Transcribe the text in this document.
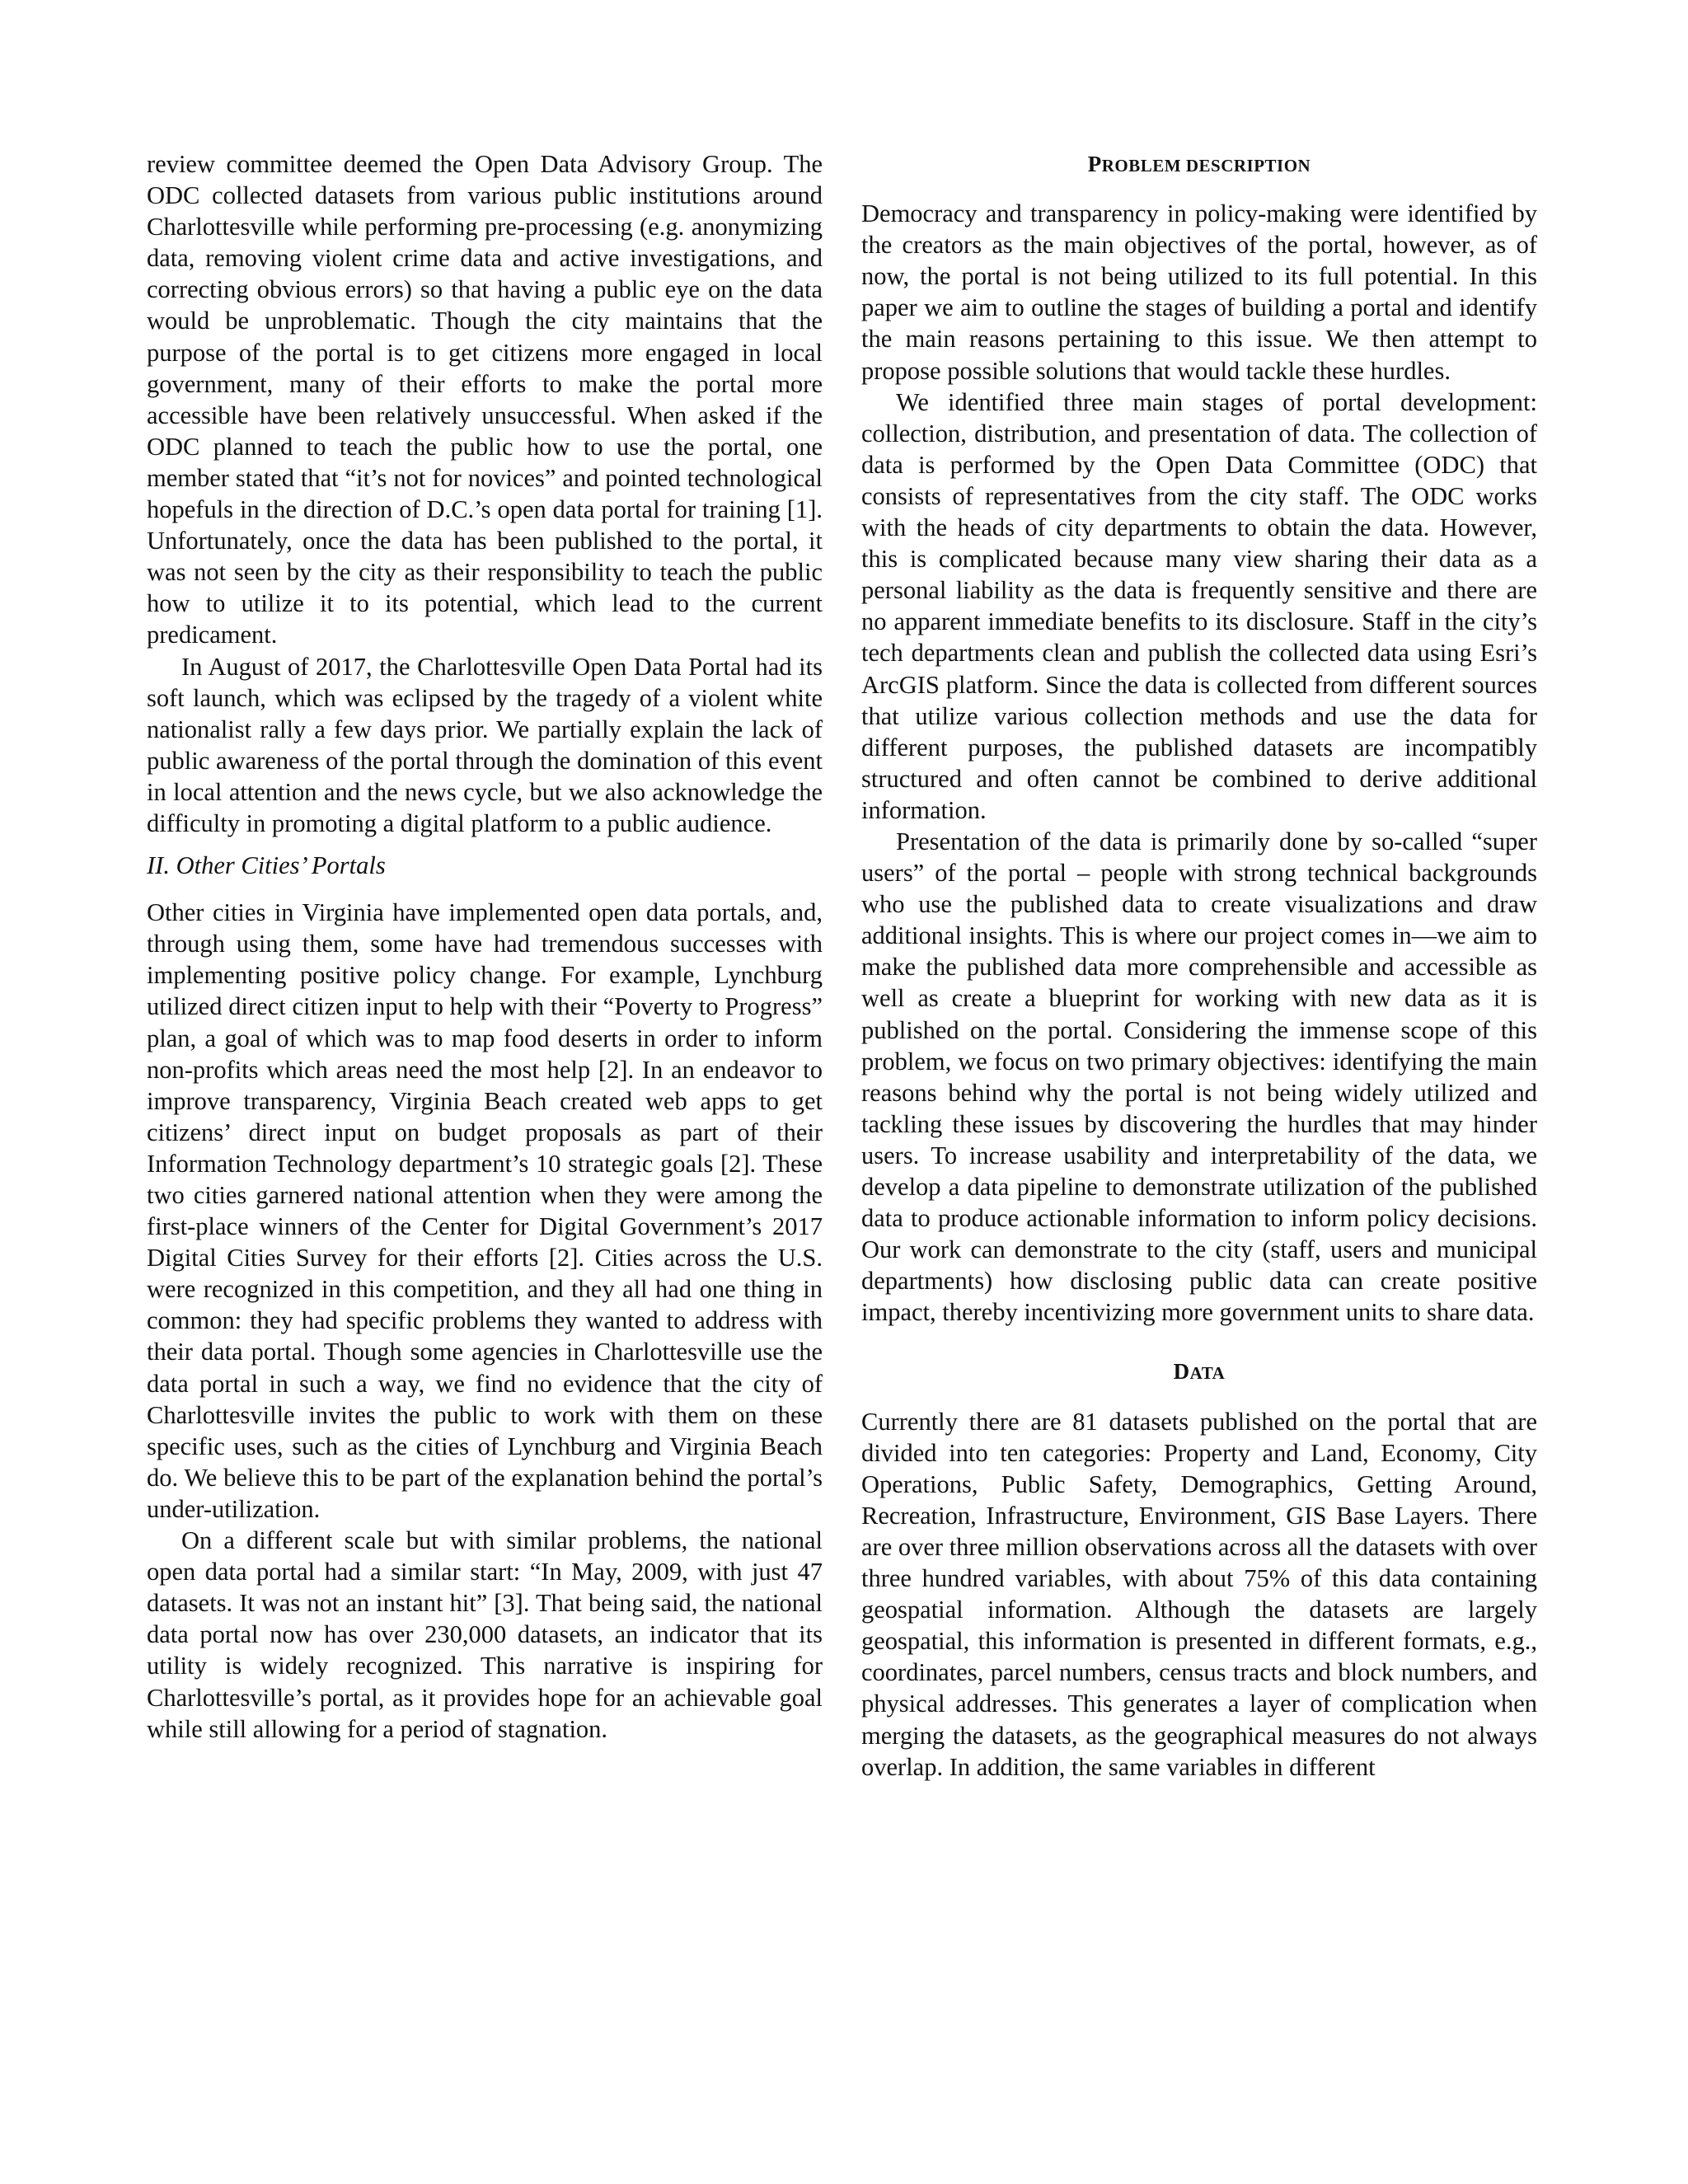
review committee deemed the Open Data Advisory Group. The ODC collected datasets from various public institutions around Charlottesville while performing pre-processing (e.g. anonymizing data, removing violent crime data and active investigations, and correcting obvious errors) so that having a public eye on the data would be unproblematic. Though the city maintains that the purpose of the portal is to get citizens more engaged in local government, many of their efforts to make the portal more accessible have been relatively unsuccessful. When asked if the ODC planned to teach the public how to use the portal, one member stated that “it’s not for novices” and pointed technological hopefuls in the direction of D.C.’s open data portal for training [1]. Unfortunately, once the data has been published to the portal, it was not seen by the city as their responsibility to teach the public how to utilize it to its potential, which lead to the current predicament.

In August of 2017, the Charlottesville Open Data Portal had its soft launch, which was eclipsed by the tragedy of a violent white nationalist rally a few days prior. We partially explain the lack of public awareness of the portal through the domination of this event in local attention and the news cycle, but we also acknowledge the difficulty in promoting a digital platform to a public audience.

II. Other Cities’ Portals

Other cities in Virginia have implemented open data portals, and, through using them, some have had tremendous successes with implementing positive policy change. For example, Lynchburg utilized direct citizen input to help with their “Poverty to Progress” plan, a goal of which was to map food deserts in order to inform non-profits which areas need the most help [2]. In an endeavor to improve transparency, Virginia Beach created web apps to get citizens’ direct input on budget proposals as part of their Information Technology department’s 10 strategic goals [2]. These two cities garnered national attention when they were among the first-place winners of the Center for Digital Government’s 2017 Digital Cities Survey for their efforts [2]. Cities across the U.S. were recognized in this competition, and they all had one thing in common: they had specific problems they wanted to address with their data portal. Though some agencies in Charlottesville use the data portal in such a way, we find no evidence that the city of Charlottesville invites the public to work with them on these specific uses, such as the cities of Lynchburg and Virginia Beach do. We believe this to be part of the explanation behind the portal’s under-utilization.

On a different scale but with similar problems, the national open data portal had a similar start: “In May, 2009, with just 47 datasets. It was not an instant hit” [3]. That being said, the national data portal now has over 230,000 datasets, an indicator that its utility is widely recognized. This narrative is inspiring for Charlottesville’s portal, as it provides hope for an achievable goal while still allowing for a period of stagnation.

PROBLEM DESCRIPTION

Democracy and transparency in policy-making were identified by the creators as the main objectives of the portal, however, as of now, the portal is not being utilized to its full potential. In this paper we aim to outline the stages of building a portal and identify the main reasons pertaining to this issue. We then attempt to propose possible solutions that would tackle these hurdles.

We identified three main stages of portal development: collection, distribution, and presentation of data. The collection of data is performed by the Open Data Committee (ODC) that consists of representatives from the city staff. The ODC works with the heads of city departments to obtain the data. However, this is complicated because many view sharing their data as a personal liability as the data is frequently sensitive and there are no apparent immediate benefits to its disclosure. Staff in the city’s tech departments clean and publish the collected data using Esri’s ArcGIS platform. Since the data is collected from different sources that utilize various collection methods and use the data for different purposes, the published datasets are incompatibly structured and often cannot be combined to derive additional information.

Presentation of the data is primarily done by so-called “super users” of the portal – people with strong technical backgrounds who use the published data to create visualizations and draw additional insights. This is where our project comes in—we aim to make the published data more comprehensible and accessible as well as create a blueprint for working with new data as it is published on the portal. Considering the immense scope of this problem, we focus on two primary objectives: identifying the main reasons behind why the portal is not being widely utilized and tackling these issues by discovering the hurdles that may hinder users. To increase usability and interpretability of the data, we develop a data pipeline to demonstrate utilization of the published data to produce actionable information to inform policy decisions. Our work can demonstrate to the city (staff, users and municipal departments) how disclosing public data can create positive impact, thereby incentivizing more government units to share data.

DATA

Currently there are 81 datasets published on the portal that are divided into ten categories: Property and Land, Economy, City Operations, Public Safety, Demographics, Getting Around, Recreation, Infrastructure, Environment, GIS Base Layers. There are over three million observations across all the datasets with over three hundred variables, with about 75% of this data containing geospatial information. Although the datasets are largely geospatial, this information is presented in different formats, e.g., coordinates, parcel numbers, census tracts and block numbers, and physical addresses. This generates a layer of complication when merging the datasets, as the geographical measures do not always overlap. In addition, the same variables in different
